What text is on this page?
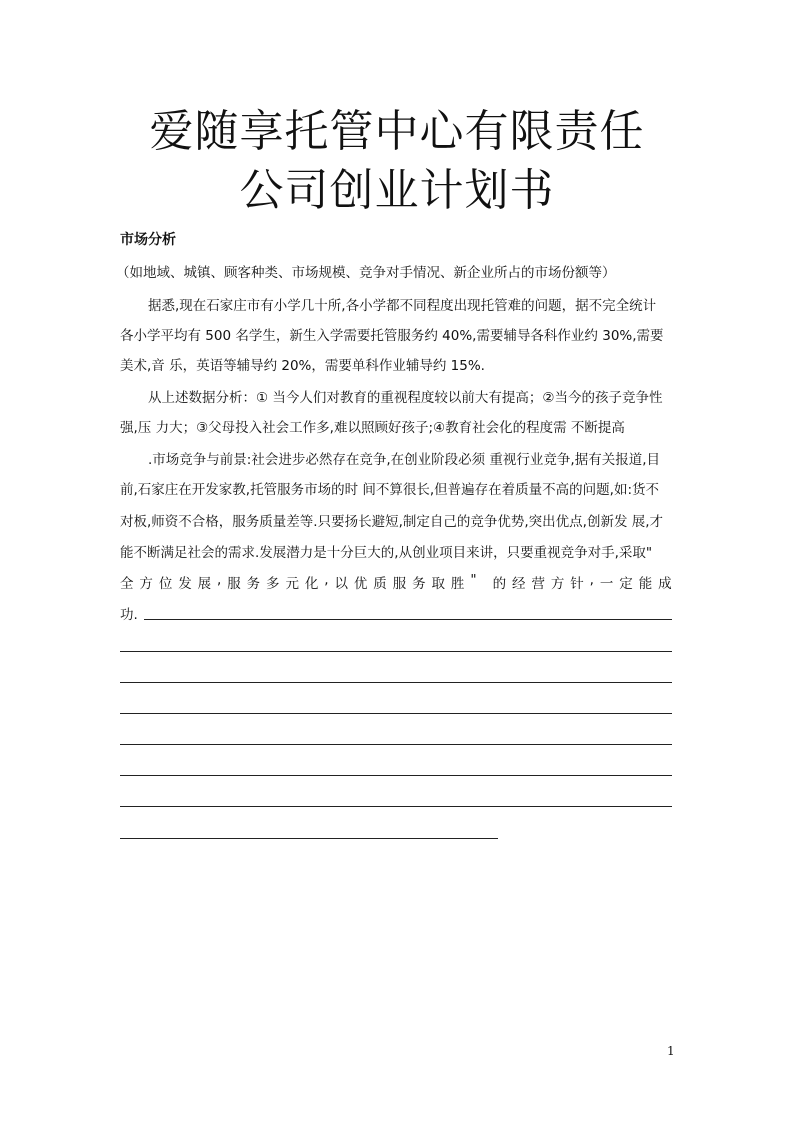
爱随享托管中心有限责任
公司创业计划书
市场分析
（如地域、城镇、顾客种类、市场规模、竞争对手情况、新企业所占的市场份额等）
据悉,现在石家庄市有小学几十所,各小学都不同程度出现托管难的问题，据不完全统计
各小学平均有 500 名学生，新生入学需要托管服务约 40%,需要辅导各科作业约 30%,需要
美术,音 乐，英语等辅导约 20%，需要单科作业辅导约 15%.
从上述数据分析：① 当今人们对教育的重视程度较以前大有提高；②当今的孩子竞争性
强,压 力大；③父母投入社会工作多,难以照顾好孩子;④教育社会化的程度需 不断提高
.市场竞争与前景:社会进步必然存在竞争,在创业阶段必须 重视行业竞争,据有关报道,目
前,石家庄在开发家教,托管服务市场的时 间不算很长,但普遍存在着质量不高的问题,如:货不
对板,师资不合格，服务质量差等.只要扬长避短,制定自己的竞争优势,突出优点,创新发 展,才
能不断满足社会的需求.发展潜力是十分巨大的,从创业项目来讲，只要重视竞争对手,采取"
全 方 位 发 展 , 服 务 多 元 化 , 以 优 质 服 务 取 胜 "
的 经 营 方 针 , 一 定 能 成
功.
1
